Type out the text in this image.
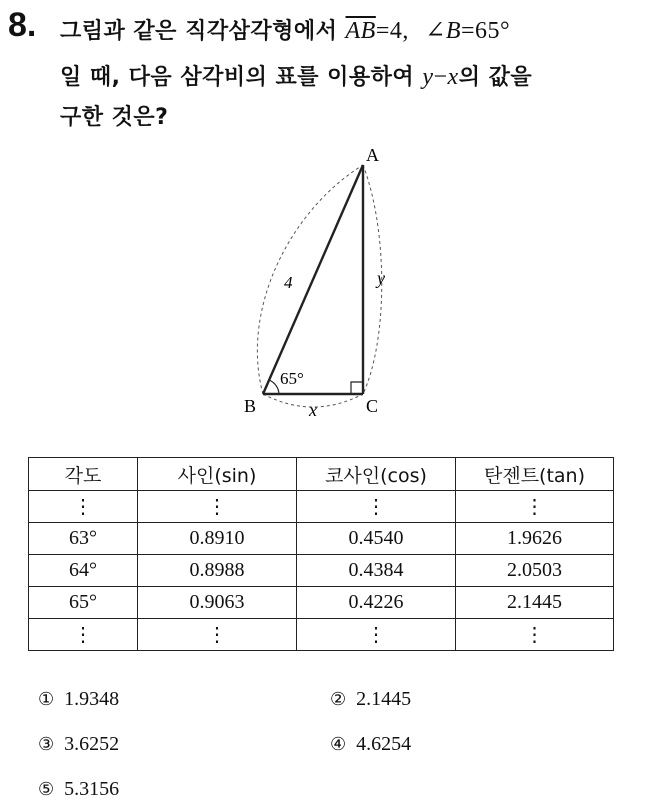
8. 그림과 같은 직각삼각형에서 $\overline{AB}=4$, ∠B=65°
일 때, 다음 삼각비의 표를 이용하여 y−x의 값을
구한 것은?
A
B	C
4	y
x
65°
각도	사인(sin)	코사인(cos)	탄젠트(tan)
⋮	⋮	⋮	⋮
63°	0.8910	0.4540	1.9626
64°	0.8988	0.4384	2.0503
65°	0.9063	0.4226	2.1445
⋮	⋮	⋮	⋮
① 1.9348	② 2.1445
③ 3.6252	④ 4.6254
⑤ 5.3156
